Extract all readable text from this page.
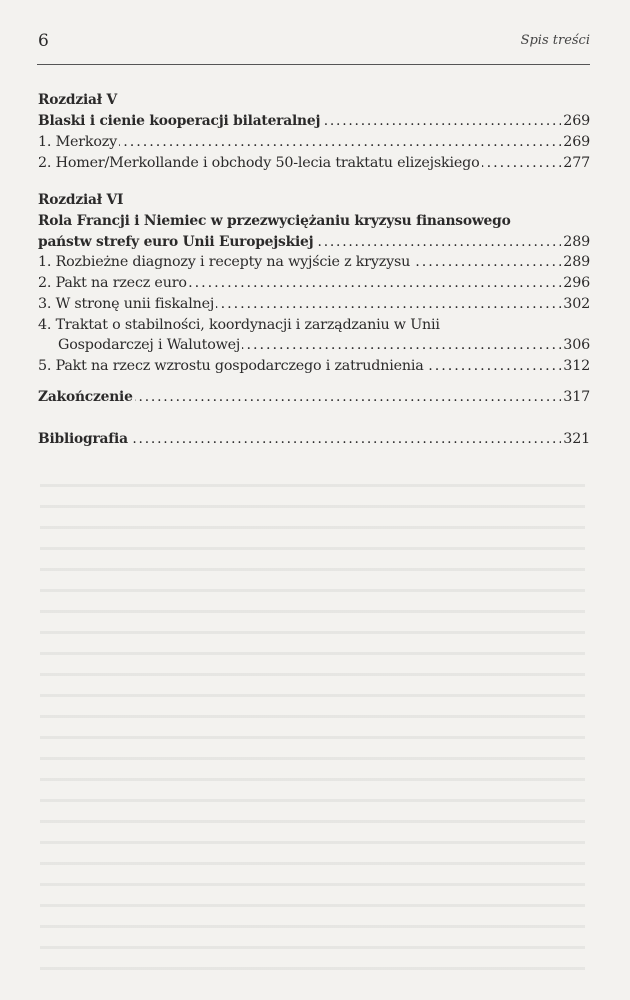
6	Spis treści
Rozdział V
Blaski i cienie kooperacji bilateralnej . . .	269
1. Merkozy . . .	269
2. Homer/Merkollande i obchody 50-lecia traktatu elizejskiego . . .	277
Rozdział VI
Rola Francji i Niemiec w przezwyciężaniu kryzysu finansowego
państw strefy euro Unii Europejskiej . . .	289
1. Rozbieżne diagnozy i recepty na wyjście z kryzysu . . .	289
2. Pakt na rzecz euro . . .	296
3. W stronę unii fiskalnej . . .	302
4. Traktat o stabilności, koordynacji i zarządzaniu w Unii
Gospodarczej i Walutowej . . .	306
5. Pakt na rzecz wzrostu gospodarczego i zatrudnienia . . .	312
Zakończenie . . .	317
Bibliografia . . .	321
